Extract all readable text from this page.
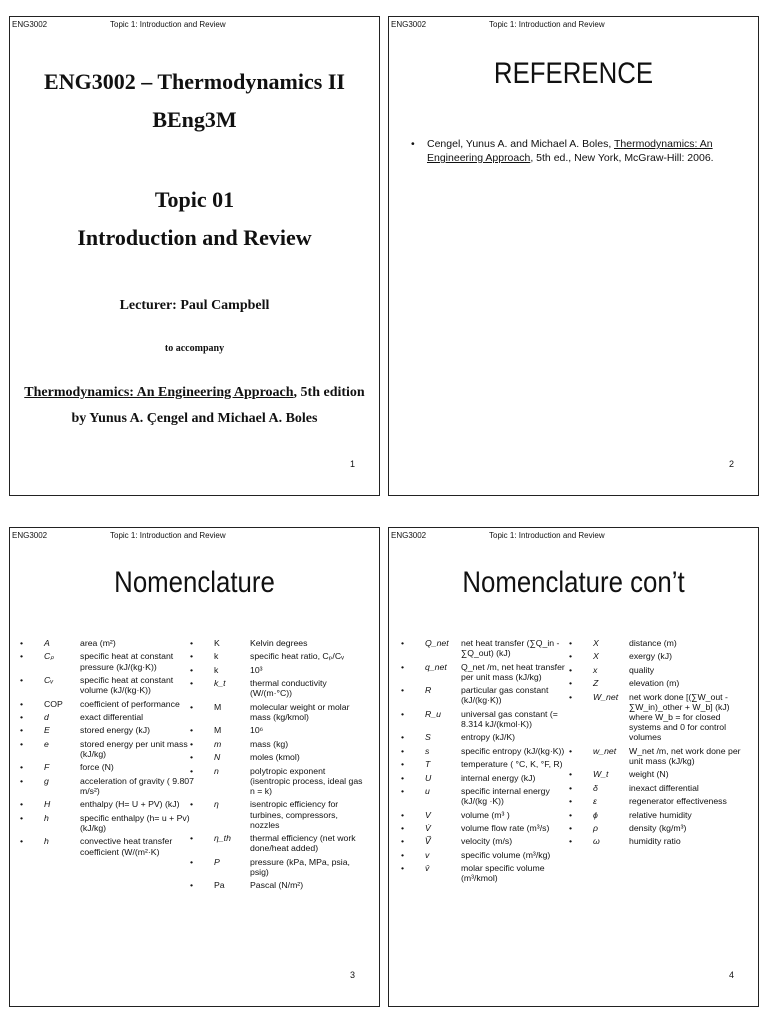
ENG3002	Topic 1: Introduction and Review
ENG3002 – Thermodynamics II
BEng3M
Topic 01
Introduction and Review
Lecturer: Paul Campbell
to accompany
Thermodynamics: An Engineering Approach, 5th edition
by Yunus A. Çengel and Michael A. Boles
1
ENG3002	Topic 1: Introduction and Review
REFERENCE
• Cengel, Yunus A. and Michael A. Boles, Thermodynamics: An Engineering Approach, 5th ed., New York, McGraw-Hill: 2006.
2
ENG3002	Topic 1: Introduction and Review
Nomenclature
• A	area (m²)
• Cₚ	specific heat at constant pressure (kJ/(kg·K))
• Cᵥ	specific heat at constant volume (kJ/(kg·K))
• COP	coefficient of performance
• d	exact differential
• E	stored energy (kJ)
• e	stored energy per unit mass (kJ/kg)
• F	force (N)
• g	acceleration of gravity ( 9.807 m/s²)
• H	enthalpy (H= U + PV) (kJ)
• h	specific enthalpy (h= u + Pv) (kJ/kg)
• h	convective heat transfer coefficient (W/(m²·K)
• K	Kelvin degrees
• k	specific heat ratio, Cₚ/Cᵥ
• k	10³
• k_t	thermal conductivity (W/(m·°C))
• M	molecular weight or molar mass (kg/kmol)
• M	10⁶
• m	mass (kg)
• N	moles (kmol)
• n	polytropic exponent (isentropic process, ideal gas n = k)
• η	isentropic efficiency for turbines, compressors, nozzles
• η_th	thermal efficiency (net work done/heat added)
• P	pressure (kPa, MPa, psia, psig)
• Pa	Pascal (N/m²)
3
ENG3002	Topic 1: Introduction and Review
Nomenclature con’t
• Q_net	net heat transfer (∑Q_in - ∑Q_out) (kJ)
• q_net	Q_net /m, net heat transfer per unit mass (kJ/kg)
• R	particular gas constant (kJ/(kg·K))
• R_u	universal gas constant (= 8.314 kJ/(kmol·K))
• S	entropy (kJ/K)
• s	specific entropy (kJ/(kg·K))
• T	temperature ( °C, K, °F, R)
• U	internal energy (kJ)
• u	specific internal energy (kJ/(kg ·K))
• V	volume (m³ )
• V̇	volume flow rate (m³/s)
• V⃗	velocity (m/s)
• v	specific volume (m³/kg)
• v̄	molar specific volume (m³/kmol)
• X	distance (m)
• X	exergy (kJ)
• x	quality
• Z	elevation (m)
• W_net	net work done [(∑W_out - ∑W_in)_other + W_b] (kJ) where W_b = for closed systems and 0 for control volumes
• w_net	W_net /m, net work done per unit mass (kJ/kg)
• W_t	weight (N)
• δ	inexact differential
• ε	regenerator effectiveness
• ϕ	relative humidity
• ρ	density (kg/m³)
• ω	humidity ratio
4
